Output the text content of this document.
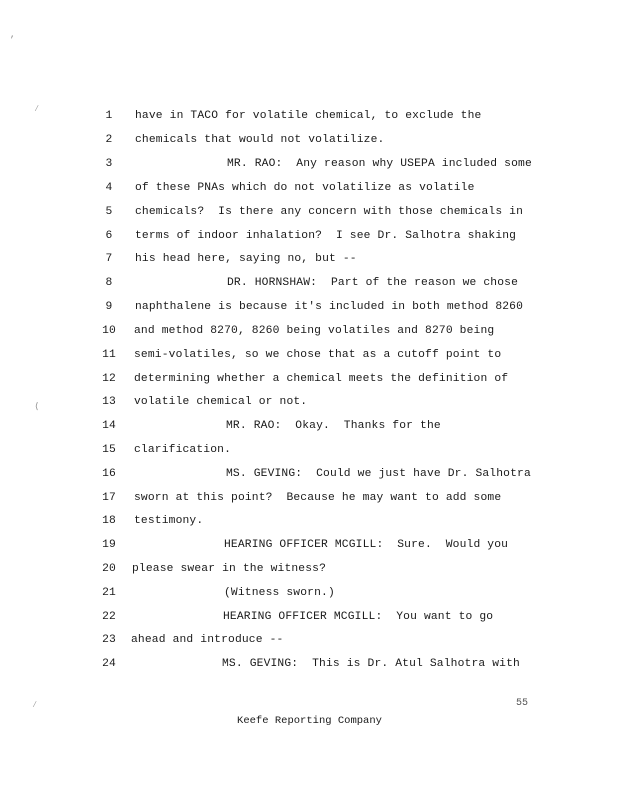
,
∕
⟨
∕
1	have in TACO for volatile chemical, to exclude the
2	chemicals that would not volatilize.
3	MR. RAO:  Any reason why USEPA included some
4	of these PNAs which do not volatilize as volatile
5	chemicals?  Is there any concern with those chemicals in
6	terms of indoor inhalation?  I see Dr. Salhotra shaking
7	his head here, saying no, but --
8	DR. HORNSHAW:  Part of the reason we chose
9	naphthalene is because it's included in both method 8260
10	and method 8270, 8260 being volatiles and 8270 being
11	semi-volatiles, so we chose that as a cutoff point to
12	determining whether a chemical meets the definition of
13	volatile chemical or not.
14	MR. RAO:  Okay.  Thanks for the
15	clarification.
16	MS. GEVING:  Could we just have Dr. Salhotra
17	sworn at this point?  Because he may want to add some
18	testimony.
19	HEARING OFFICER MCGILL:  Sure.  Would you
20	please swear in the witness?
21	(Witness sworn.)
22	HEARING OFFICER MCGILL:  You want to go
23	ahead and introduce --
24	MS. GEVING:  This is Dr. Atul Salhotra with
55
Keefe Reporting Company
